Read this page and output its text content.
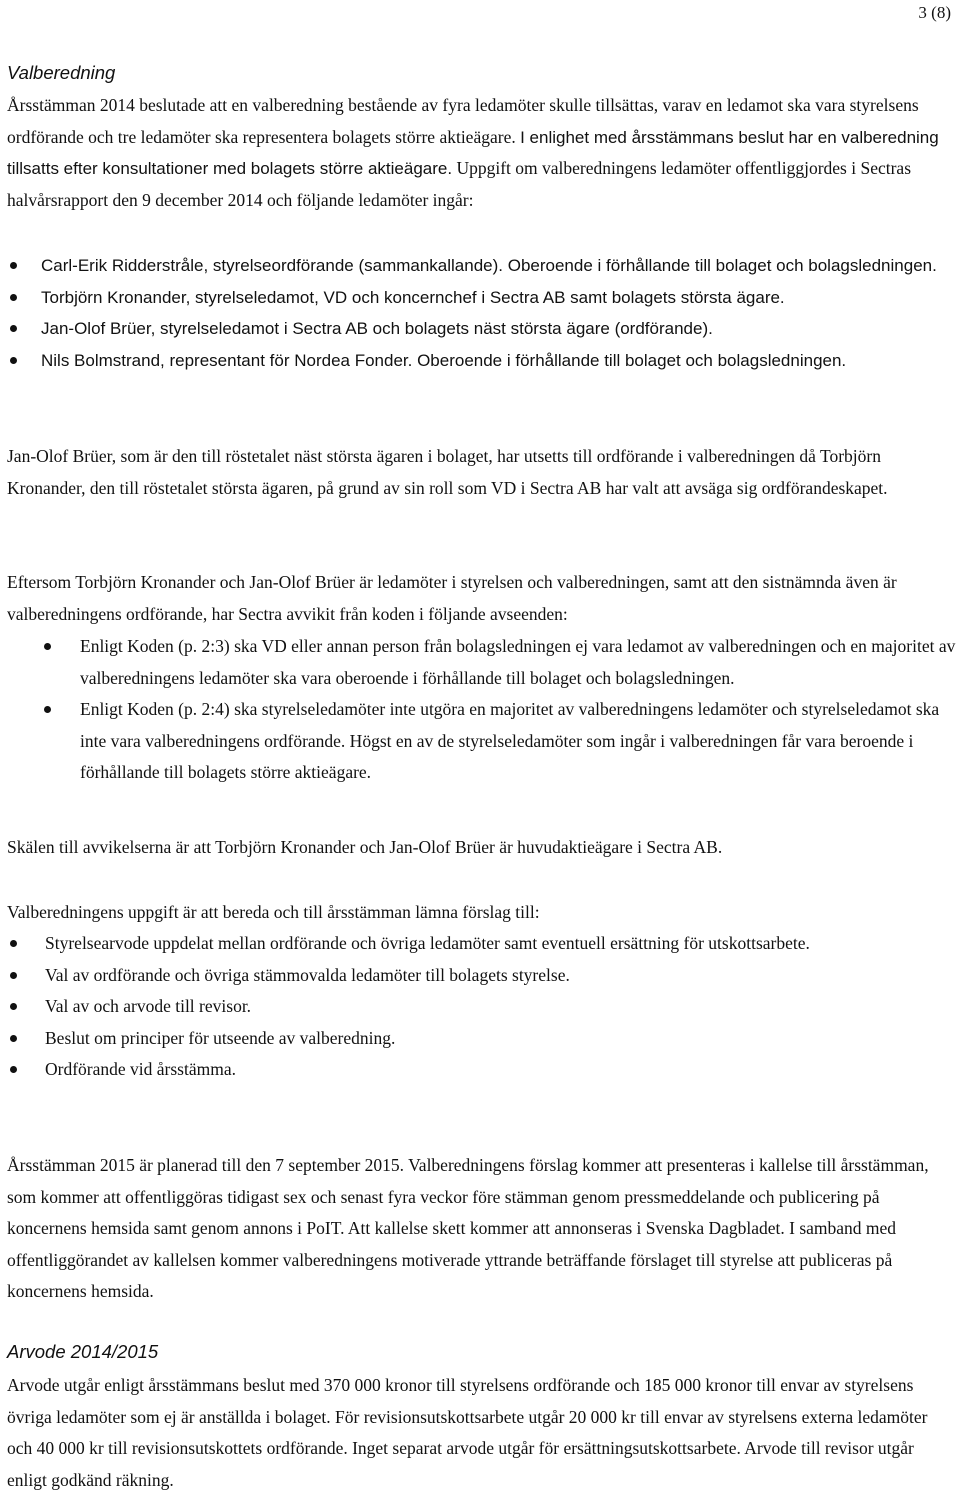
3 (8)
Valberedning

Årsstämman 2014 beslutade att en valberedning bestående av fyra ledamöter skulle tillsättas, varav en ledamot ska vara styrelsens ordförande och tre ledamöter ska representera bolagets större aktieägare. I enlighet med årsstämmans beslut har en valberedning tillsatts efter konsultationer med bolagets större aktieägare. Uppgift om valberedningens ledamöter offentliggjordes i Sectras halvårsrapport den 9 december 2014 och följande ledamöter ingår:

Carl-Erik Ridderstråle, styrelseordförande (sammankallande). Oberoende i förhållande till bolaget och bolagsledningen.
Torbjörn Kronander, styrelseledamot, VD och koncernchef i Sectra AB samt bolagets största ägare.
Jan-Olof Brüer, styrelseledamot i Sectra AB och bolagets näst största ägare (ordförande).
Nils Bolmstrand, representant för Nordea Fonder. Oberoende i förhållande till bolaget och bolagsledningen.

Jan-Olof Brüer, som är den till röstetalet näst största ägaren i bolaget, har utsetts till ordförande i valberedningen då Torbjörn Kronander, den till röstetalet största ägaren, på grund av sin roll som VD i Sectra AB har valt att avsäga sig ordförandeskapet.

Eftersom Torbjörn Kronander och Jan-Olof Brüer är ledamöter i styrelsen och valberedningen, samt att den sistnämnda även är valberedningens ordförande, har Sectra avvikit från koden i följande avseenden:

Enligt Koden (p. 2:3) ska VD eller annan person från bolagsledningen ej vara ledamot av valberedningen och en majoritet av valberedningens ledamöter ska vara oberoende i förhållande till bolaget och bolagsledningen.
Enligt Koden (p. 2:4) ska styrelseledamöter inte utgöra en majoritet av valberedningens ledamöter och styrelseledamot ska inte vara valberedningens ordförande. Högst en av de styrelseledamöter som ingår i valberedningen får vara beroende i förhållande till bolagets större aktieägare.

Skälen till avvikelserna är att Torbjörn Kronander och Jan-Olof Brüer är huvudaktieägare i Sectra AB.

Valberedningens uppgift är att bereda och till årsstämman lämna förslag till:

Styrelsearvode uppdelat mellan ordförande och övriga ledamöter samt eventuell ersättning för utskottsarbete.
Val av ordförande och övriga stämmovalda ledamöter till bolagets styrelse.
Val av och arvode till revisor.
Beslut om principer för utseende av valberedning.
Ordförande vid årsstämma.

Årsstämman 2015 är planerad till den 7 september 2015. Valberedningens förslag kommer att presenteras i kallelse till årsstämman, som kommer att offentliggöras tidigast sex och senast fyra veckor före stämman genom pressmeddelande och publicering på koncernens hemsida samt genom annons i PoIT. Att kallelse skett kommer att annonseras i Svenska Dagbladet. I samband med offentliggörandet av kallelsen kommer valberedningens motiverade yttrande beträffande förslaget till styrelse att publiceras på koncernens hemsida.

Arvode 2014/2015

Arvode utgår enligt årsstämmans beslut med 370 000 kronor till styrelsens ordförande och 185 000 kronor till envar av styrelsens övriga ledamöter som ej är anställda i bolaget. För revisionsutskottsarbete utgår 20 000 kr till envar av styrelsens externa ledamöter och 40 000 kr till revisionsutskottets ordförande. Inget separat arvode utgår för ersättningsutskottsarbete. Arvode till revisor utgår enligt godkänd räkning.
